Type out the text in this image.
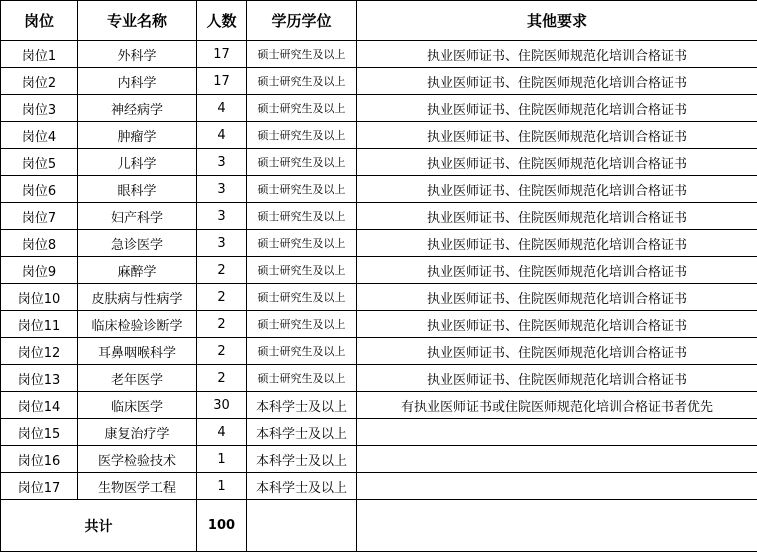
岗位	专业名称	人数	学历学位	其他要求
岗位1	外科学	17	硕士研究生及以上	执业医师证书、住院医师规范化培训合格证书
岗位2	内科学	17	硕士研究生及以上	执业医师证书、住院医师规范化培训合格证书
岗位3	神经病学	4	硕士研究生及以上	执业医师证书、住院医师规范化培训合格证书
岗位4	肿瘤学	4	硕士研究生及以上	执业医师证书、住院医师规范化培训合格证书
岗位5	儿科学	3	硕士研究生及以上	执业医师证书、住院医师规范化培训合格证书
岗位6	眼科学	3	硕士研究生及以上	执业医师证书、住院医师规范化培训合格证书
岗位7	妇产科学	3	硕士研究生及以上	执业医师证书、住院医师规范化培训合格证书
岗位8	急诊医学	3	硕士研究生及以上	执业医师证书、住院医师规范化培训合格证书
岗位9	麻醉学	2	硕士研究生及以上	执业医师证书、住院医师规范化培训合格证书
岗位10	皮肤病与性病学	2	硕士研究生及以上	执业医师证书、住院医师规范化培训合格证书
岗位11	临床检验诊断学	2	硕士研究生及以上	执业医师证书、住院医师规范化培训合格证书
岗位12	耳鼻咽喉科学	2	硕士研究生及以上	执业医师证书、住院医师规范化培训合格证书
岗位13	老年医学	2	硕士研究生及以上	执业医师证书、住院医师规范化培训合格证书
岗位14	临床医学	30	本科学士及以上	有执业医师证书或住院医师规范化培训合格证书者优先
岗位15	康复治疗学	4	本科学士及以上	
岗位16	医学检验技术	1	本科学士及以上	
岗位17	生物医学工程	1	本科学士及以上	
共计		100		
